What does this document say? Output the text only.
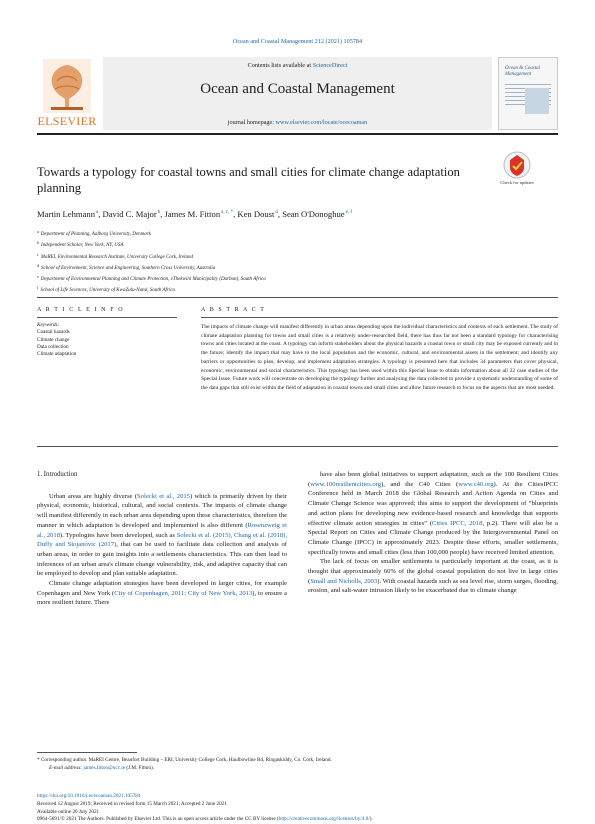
Ocean and Coastal Management 212 (2021) 105784
ELSEVIER
Contents lists available at ScienceDirect
Ocean and Coastal Management
journal homepage: www.elsevier.com/locate/ocecoaman
Ocean & Coastal Management
Towards a typology for coastal towns and small cities for climate change adaptation planning	Check for updates
Martin Lehmann$^a$, David C. Major$^b$, James M. Fitton$^{a, c, *}$, Ken Doust$^d$, Sean O'Donoghue$^{e, f}$
$^a$Department of Planning, Aalborg University, Denmark
$^b$Independent Scholar, New York, NY, USA
$^c$MaREI, Environmental Research Institute, University College Cork, Ireland
$^d$School of Environment, Science and Engineering, Southern Cross University, Australia
$^e$Department of Environmental Planning and Climate Protection, eThekwini Municipality (Durban), South Africa
$^f$School of Life Sciences, University of KwaZulu-Natal, South Africa
A R T I C L E I N F O	A B S T R A C T
Keywords:
Coastal hazards
Climate change
Data collection
Climate adaptation
The impacts of climate change will manifest differently in urban areas depending upon the individual characteristics and contexts of each settlement. The study of climate adaptation planning for towns and small cities is a relatively under-researched field, there has thus far not been a standard typology for characterising towns and cities located at the coast. A typology can inform stakeholders about the physical hazards a coastal town or small city may be exposed currently and in the future; identify the impact that may have to the local population and the economic, cultural, and environmental assets in the settlement; and identify any barriers or opportunities to plan, develop, and implement adaptation strategies. A typology is presented here that includes 34 parameters that cover physical, economic, environmental and social characteristics. This typology has been used within this Special Issue to obtain information about all 22 case studies of the Special Issue. Future work will concentrate on developing the typology further and analysing the data collected to provide a systematic understanding of some of the data gaps that still exist within the field of adaptation in coastal towns and small cities and allow future research to focus on the aspects that are most needed.
1. Introduction

Urban areas are highly diverse (Solecki et al., 2015) which is primarily driven by their physical, economic, historical, cultural, and social contexts. The impacts of climate change will manifest differently in each urban area depending upon these characteristics, therefore the manner in which adaptation is developed and implemented is also different (Rosenzweig et al., 2018). Typologies have been developed, such as Solecki et al. (2015), Chang et al. (2018), Duffy and Stojanovic (2017), that can be used to facilitate data collection and analysis of urban areas, in order to gain insights into a settlements characteristics. This can then lead to inferences of an urban area's climate change vulnerability, risk, and adaptive capacity that can be employed to develop and plan suitable adaptation.

Climate change adaptation strategies have been developed in larger cities, for example Copenhagen and New York (City of Copenhagen, 2011; City of New York, 2013), to ensure a more resilient future. There

have also been global initiatives to support adaptation, such as the 100 Resilient Cities (www.100resilientcities.org), and the C40 Cities (www.c40.org). At the CitiesIPCC Conference held in March 2018 the Global Research and Action Agenda on Cities and Climate Change Science was approved; this aims to support the development of “blueprints and action plans for developing new evidence-based research and knowledge that supports effective climate action strategies in cities” (Cities IPCC, 2018, p.2). There will also be a Special Report on Cities and Climate Change produced by the Intergovernmental Panel on Climate Change (IPCC) in approximately 2023. Despite these efforts, smaller settlements, specifically towns and small cities (less than 100,000 people) have received limited attention.

The lack of focus on smaller settlements is particularly important at the coast, as it is thought that approximately 60% of the global coastal population do not live in large cities (Small and Nicholls, 2003). With coastal hazards such as sea level rise, storm surges, flooding, erosion, and salt-water intrusion likely to be exacerbated due to climate change

* Corresponding author. MaREI Centre, Beaufort Building – ERI, University College Cork, Haulbowline Rd, Ringaskiddy, Co. Cork, Ireland.
E-mail address: james.fitton@ucc.ie (J.M. Fitton).
https://doi.org/10.1016/j.ocecoaman.2021.105784
Received 12 August 2019; Received in revised form 15 March 2021; Accepted 2 June 2021
Available online 20 July 2021
0964-5691/© 2021 The Authors. Published by Elsevier Ltd. This is an open access article under the CC BY license (http://creativecommons.org/licenses/by/4.0/).
